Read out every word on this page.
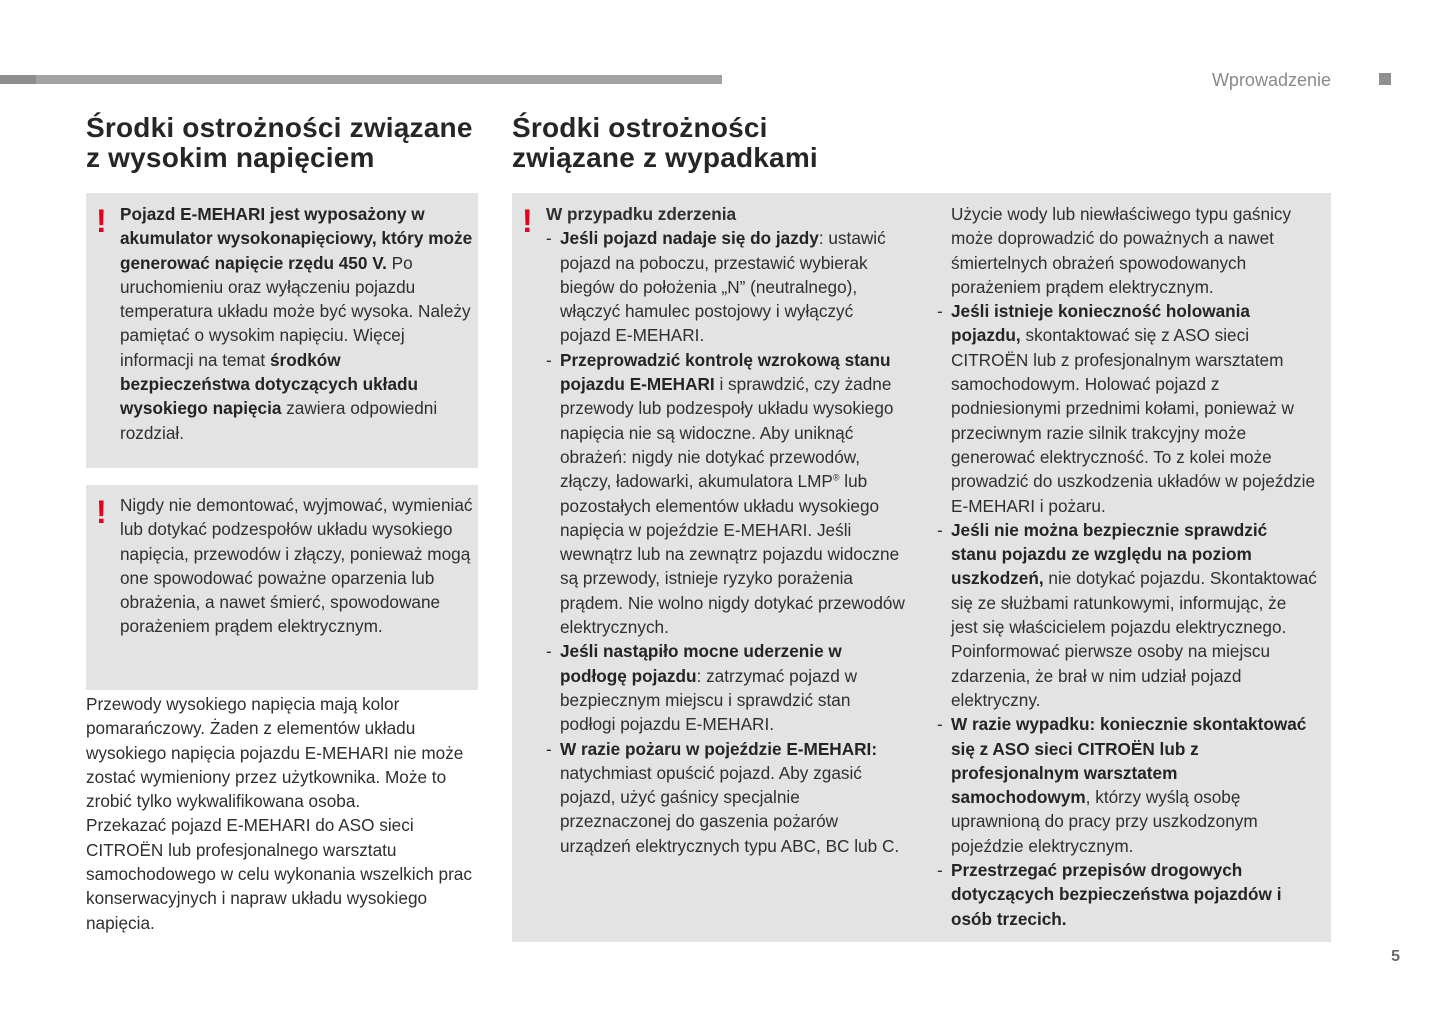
Wprowadzenie
Środki ostrożności związane
z wysokim napięciem
Środki ostrożności
związane z wypadkami
! Pojazd E-MEHARI jest wyposażony w akumulator wysokonapięciowy, który może generować napięcie rzędu 450 V. Po uruchomieniu oraz wyłączeniu pojazdu temperatura układu może być wysoka. Należy pamiętać o wysokim napięciu. Więcej informacji na temat środków bezpieczeństwa dotyczących układu wysokiego napięcia zawiera odpowiedni rozdział.

! Nigdy nie demontować, wyjmować, wymieniać lub dotykać podzespołów układu wysokiego napięcia, przewodów i złączy, ponieważ mogą one spowodować poważne oparzenia lub obrażenia, a nawet śmierć, spowodowane porażeniem prądem elektrycznym.

Przewody wysokiego napięcia mają kolor pomarańczowy. Żaden z elementów układu wysokiego napięcia pojazdu E-MEHARI nie może zostać wymieniony przez użytkownika. Może to zrobić tylko wykwalifikowana osoba.
Przekazać pojazd E-MEHARI do ASO sieci CITROËN lub profesjonalnego warsztatu samochodowego w celu wykonania wszelkich prac konserwacyjnych i napraw układu wysokiego napięcia.

! W przypadku zderzenia
- Jeśli pojazd nadaje się do jazdy: ustawić pojazd na poboczu, przestawić wybierak biegów do położenia „N” (neutralnego), włączyć hamulec postojowy i wyłączyć pojazd E-MEHARI.
- Przeprowadzić kontrolę wzrokową stanu pojazdu E-MEHARI i sprawdzić, czy żadne przewody lub podzespoły układu wysokiego napięcia nie są widoczne. Aby uniknąć obrażeń: nigdy nie dotykać przewodów, złączy, ładowarki, akumulatora LMP® lub pozostałych elementów układu wysokiego napięcia w pojeździe E-MEHARI. Jeśli wewnątrz lub na zewnątrz pojazdu widoczne są przewody, istnieje ryzyko porażenia prądem. Nie wolno nigdy dotykać przewodów elektrycznych.
- Jeśli nastąpiło mocne uderzenie w podłogę pojazdu: zatrzymać pojazd w bezpiecznym miejscu i sprawdzić stan podłogi pojazdu E-MEHARI.
- W razie pożaru w pojeździe E-MEHARI: natychmiast opuścić pojazd. Aby zgasić pojazd, użyć gaśnicy specjalnie przeznaczonej do gaszenia pożarów urządzeń elektrycznych typu ABC, BC lub C.
Użycie wody lub niewłaściwego typu gaśnicy może doprowadzić do poważnych a nawet śmiertelnych obrażeń spowodowanych porażeniem prądem elektrycznym.
- Jeśli istnieje konieczność holowania pojazdu, skontaktować się z ASO sieci CITROËN lub z profesjonalnym warsztatem samochodowym. Holować pojazd z podniesionymi przednimi kołami, ponieważ w przeciwnym razie silnik trakcyjny może generować elektryczność. To z kolei może prowadzić do uszkodzenia układów w pojeździe E-MEHARI i pożaru.
- Jeśli nie można bezpiecznie sprawdzić stanu pojazdu ze względu na poziom uszkodzeń, nie dotykać pojazdu. Skontaktować się ze służbami ratunkowymi, informując, że jest się właścicielem pojazdu elektrycznego. Poinformować pierwsze osoby na miejscu zdarzenia, że brał w nim udział pojazd elektryczny.
- W razie wypadku: koniecznie skontaktować się z ASO sieci CITROËN lub z profesjonalnym warsztatem samochodowym, którzy wyślą osobę uprawnioną do pracy przy uszkodzonym pojeździe elektrycznym.
- Przestrzegać przepisów drogowych dotyczących bezpieczeństwa pojazdów i osób trzecich.
5
